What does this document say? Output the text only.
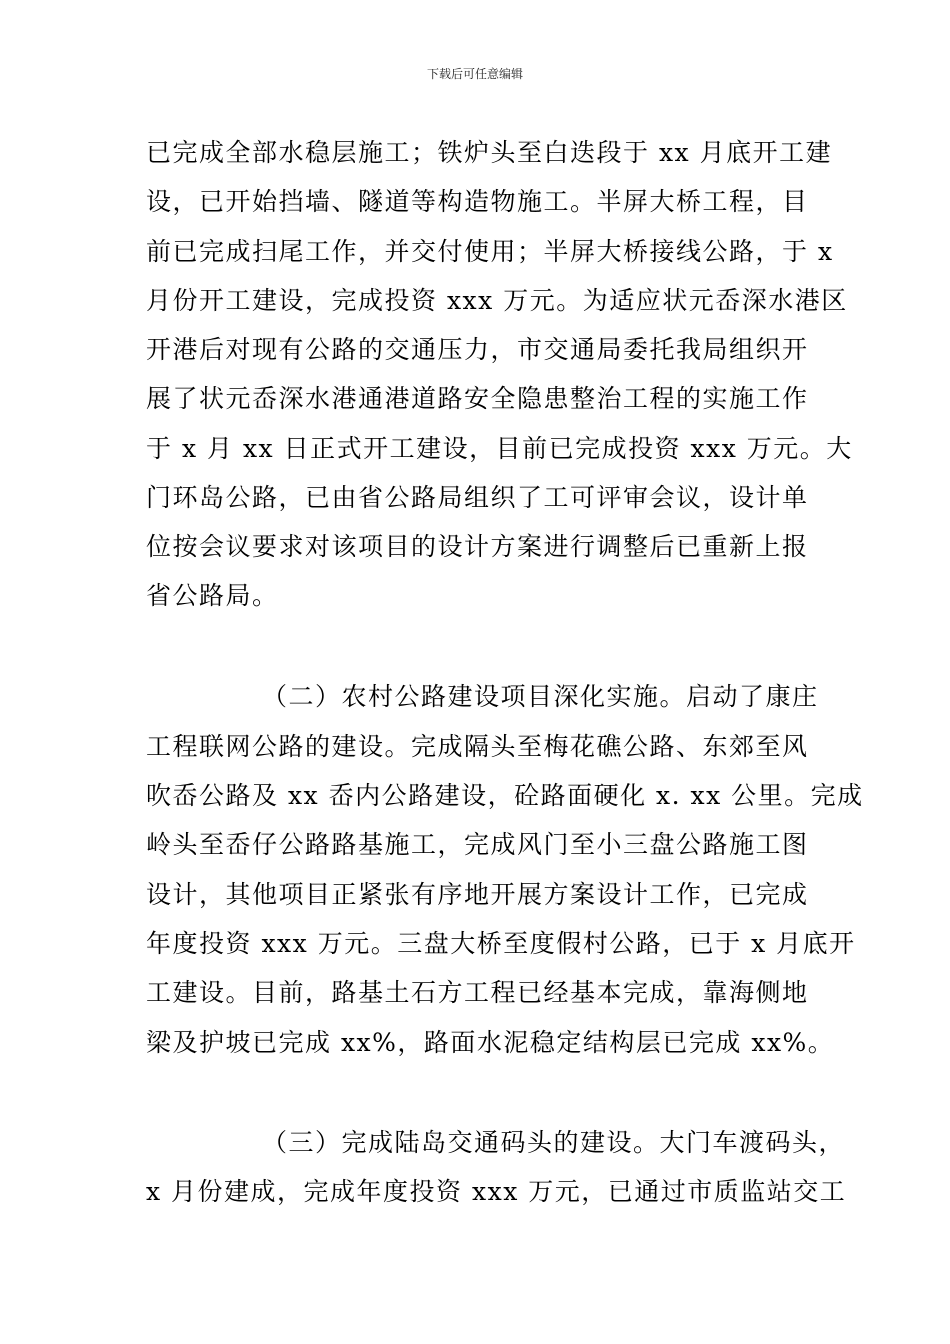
下载后可任意编辑
已完成全部水稳层施工；铁炉头至白迭段于 xx 月底开工建
设，已开始挡墙、隧道等构造物施工。半屏大桥工程，目
前已完成扫尾工作，并交付使用；半屏大桥接线公路，于 x
月份开工建设，完成投资 xxx 万元。为适应状元岙深水港区
开港后对现有公路的交通压力，市交通局委托我局组织开
展了状元岙深水港通港道路安全隐患整治工程的实施工作
于 x 月 xx 日正式开工建设，目前已完成投资 xxx 万元。大
门环岛公路，已由省公路局组织了工可评审会议，设计单
位按会议要求对该项目的设计方案进行调整后已重新上报
省公路局。
（二）农村公路建设项目深化实施。启动了康庄
工程联网公路的建设。完成隔头至梅花礁公路、东郊至风
吹岙公路及 xx 岙内公路建设，砼路面硬化 x. xx 公里。完成
岭头至岙仔公路路基施工，完成风门至小三盘公路施工图
设计，其他项目正紧张有序地开展方案设计工作，已完成
年度投资 xxx 万元。三盘大桥至度假村公路，已于 x 月底开
工建设。目前，路基土石方工程已经基本完成，靠海侧地
梁及护坡已完成 xx%，路面水泥稳定结构层已完成 xx%。
（三）完成陆岛交通码头的建设。大门车渡码头，
x 月份建成，完成年度投资 xxx 万元，已通过市质监站交工
